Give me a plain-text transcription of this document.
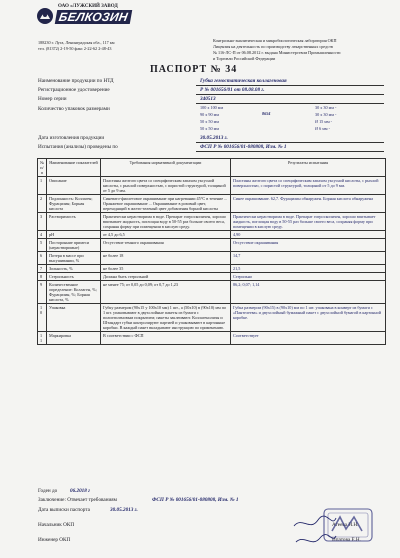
ОАО «ЛУЖСКИЙ ЗАВОД
БЕЛКОЗИН
188230 г. Луга, Ленинградская обл., 117 км
тел. (81372) 2-19-50 факс 2-22-62 2-48-43
Контрольно-аналитическая и микробиологическая лаборатория ОКП
Лицензия на деятельность по производству лекарственных средств
№ 116-ЛС-П от 06.08.2012 г. выдана Министерством Промышленности
и Торговли Российской Федерации
ПАСПОРТ № 34
Наименование продукции по НТД	Губка гемостатическая коллагеновая
Регистрационное удостоверение	Р № 001656/01 от 08.08.08 г.
Номер серии	340513
Количество упаковок размерами	100 х 100 мм	30 х 30 мм -
90 х 90 мм	8654	30 х 30 мм -
50 х 50 мм	Ø 15 мм -
50 х 50 мм	Ø 6 мм -
Дата изготовления продукции	30.05.2013 г.
Испытания (анализы) проведены по	ФСП Р № 001656/01-080808, Изм. № 1
№ п/п	Наименование показателей	Требования нормативной документации	Результаты испытания
1	Описание	Пластины желтого цвета со специфическим запахом уксусной кислоты, с рыхлой поверхностью, с пористой структурой, толщиной от 5 до 9 мм.	Пластины желтого цвета со специфическим запахом уксусной кислоты, с рыхлой поверхностью, с пористой структурой, толщиной от 5 до 9 мм.
2	Подлинность: Коллаген; Фурацилин; Борная кислота	Синевато-фиолетовое окрашивание при нагревании 45°С в течение ... Оранжевое окрашивание ... Окрашивание в розовый цвет, переходящий в желто-зеленый цвет добавления борной кислоты	Синее окрашивание. 62,7. Фурацилин обнаружен. Борная кислота обнаружена
3	Растворимость	Практически нерастворима в воде. Препарат гигроскопичен, хорошо впитывает жидкость, поглощая воду в 50-55 раз больше своего веса, сохраняя форму при помещении в кислую среду.	Практически нерастворима в воде. Препарат гигроскопичен, хорошо впитывает жидкость, поглощая воду в 50-55 раз больше своего веса, сохраняя форму при помещении в кислую среду.
4	pH	от 4,5 до 6,5	4,90
5	Посторонние примеси (нерастворимые)	Отсутствие темного окрашивания	Отсутствие окрашивания
6	Потеря в массе при высушивании, %	не более 18	14,7
7	Зольность, %	не более 35	21,5
8	Стерильность	Должна быть стерильной	Стерильно
9	Количественное определение: Коллаген, %; Фурацилин, %; Борная кислота, %	не менее 75; от 0,05 до 0,09; от 0,7 до 1,23	86,2; 0,07; 1,14
10	Упаковка	Губку размером (90х15 у 100х10 мм) 1 шт., а (50х10) в (90х10) мм по 1 шт. упаковывают в двухслойные пакеты из бумаги с полиэтиленовым покрытием; пакеты заклеивают. Коллагенолизы и Штандарт губки контролируют партией и упаковывают в картонные коробки. В каждый пакет вкладывают инструкцию по применению.	Губка размером (90х15) в (90х10) мм по 1 шт. упакована в конверт из бумаги с «Пантелеева» и двухслойный бумажный пакет с двухслойной бумагой в картонной коробке.
11	Маркировка	В соответствии с ФСП	Соответствует
Годен до 06.2018 г
Заключение: Отвечает требованиям	ФСП Р № 001656/01-080808, Изм. № 1
Дата выписки паспорта	30.05.2013 г.
Начальник ОКП	Агеева Н.Н.
Инженер ОКП	Ипатова Е.Н.
